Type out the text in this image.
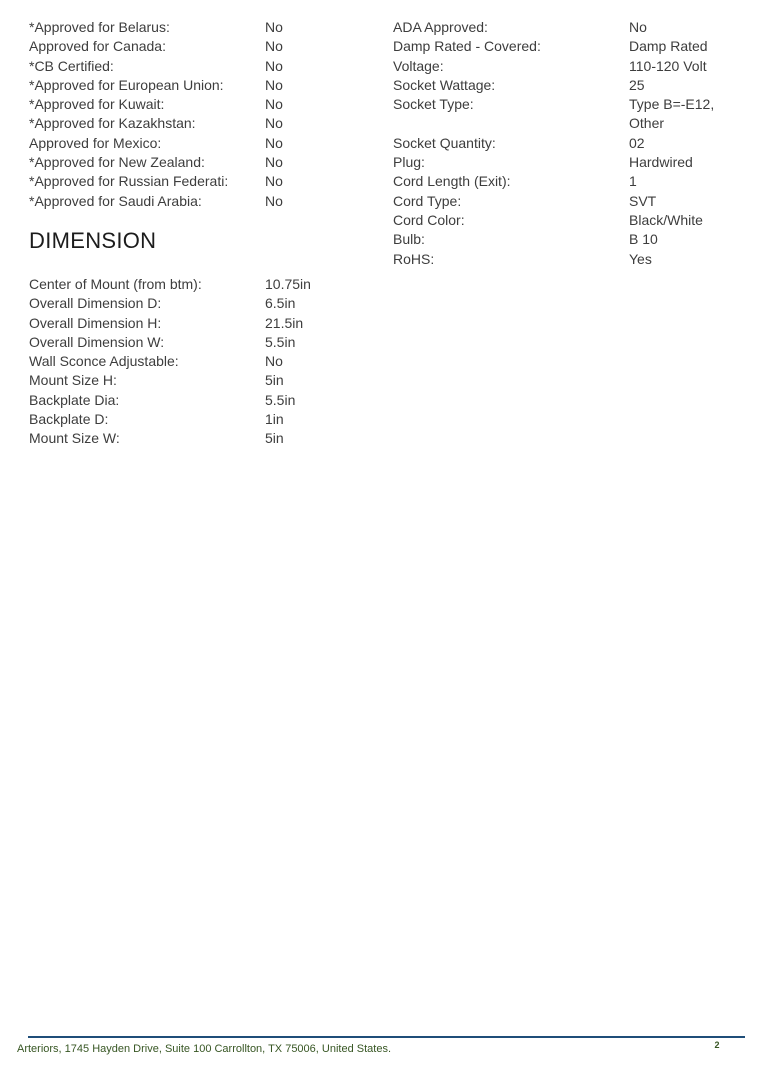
*Approved for Belarus:	No
Approved for Canada:	No
*CB Certified:	No
*Approved for European Union:	No
*Approved for Kuwait:	No
*Approved for Kazakhstan:	No
Approved for Mexico:	No
*Approved for New Zealand:	No
*Approved for Russian Federati:	No
*Approved for Saudi Arabia:	No
ADA Approved:	No
Damp Rated - Covered:	Damp Rated
Voltage:	110-120 Volt
Socket Wattage:	25
Socket Type:	Type B=-E12, Other
Socket Quantity:	02
Plug:	Hardwired
Cord Length (Exit):	1
Cord Type:	SVT
Cord Color:	Black/White
Bulb:	B 10
RoHS:	Yes
DIMENSION
Center of Mount (from btm):	10.75in
Overall Dimension D:	6.5in
Overall Dimension H:	21.5in
Overall Dimension W:	5.5in
Wall Sconce Adjustable:	No
Mount Size H:	5in
Backplate Dia:	5.5in
Backplate D:	1in
Mount Size W:	5in
Arteriors, 1745 Hayden Drive, Suite 100 Carrollton, TX 75006, United States.	2
